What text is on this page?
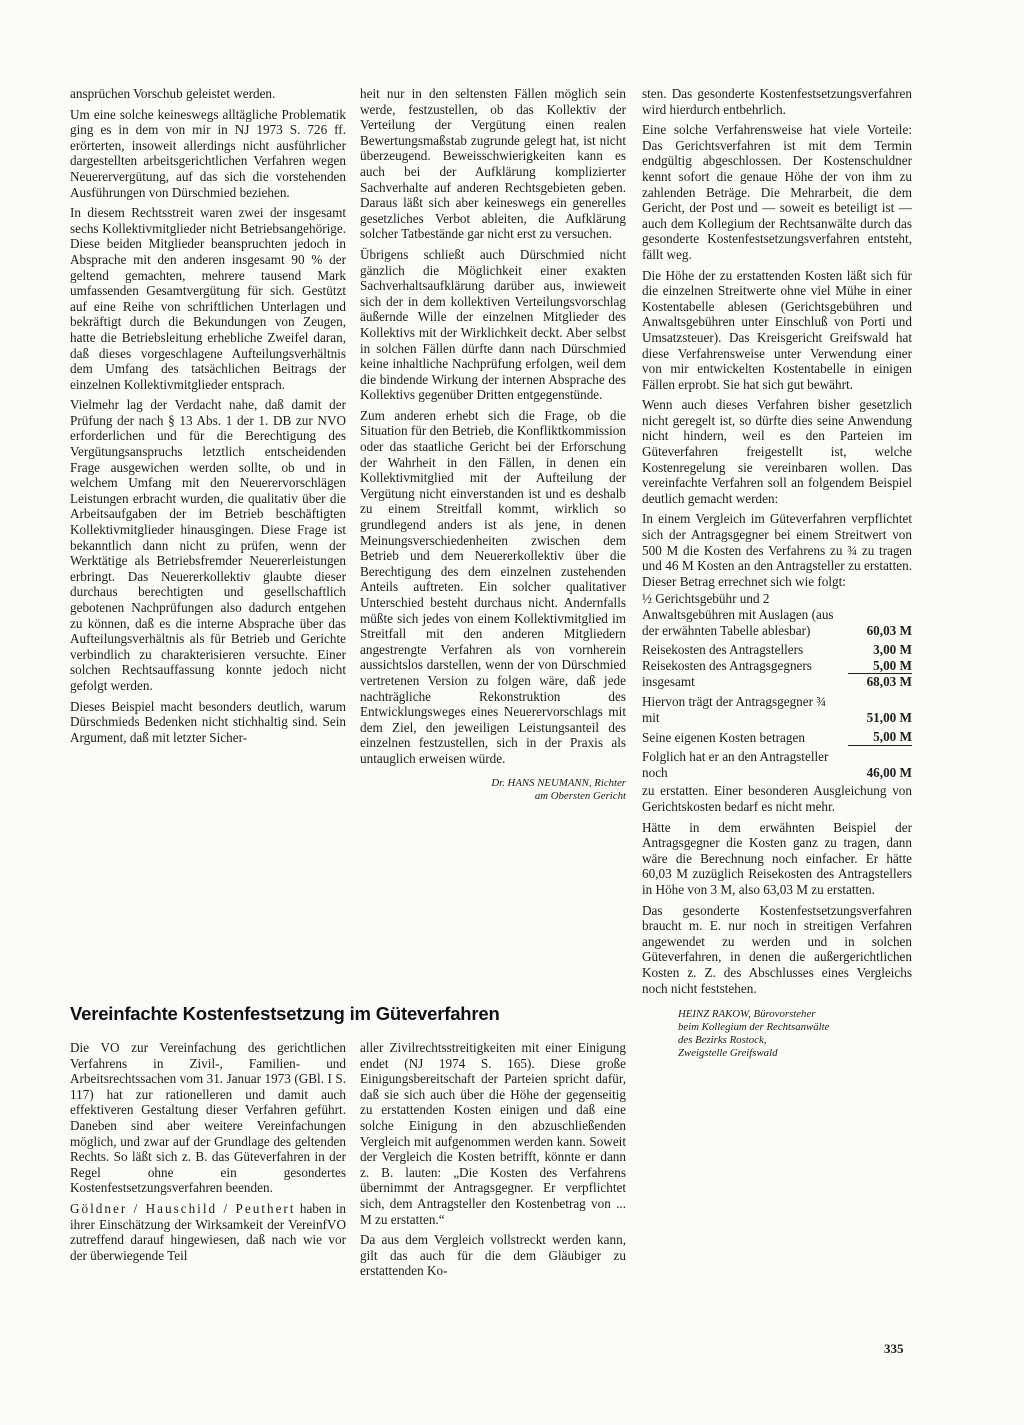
ansprüchen Vorschub geleistet werden.

Um eine solche keineswegs alltägliche Problematik ging es in dem von mir in NJ 1973 S. 726 ff. erörterten, insoweit allerdings nicht ausführlicher dargestellten arbeitsgerichtlichen Verfahren wegen Neuerervergütung, auf das sich die vorstehenden Ausführungen von Dürschmied beziehen.

In diesem Rechtsstreit waren zwei der insgesamt sechs Kollektivmitglieder nicht Betriebsangehörige. Diese beiden Mitglieder beanspruchten jedoch in Absprache mit den anderen insgesamt 90 % der geltend gemachten, mehrere tausend Mark umfassenden Gesamtvergütung für sich. Gestützt auf eine Reihe von schriftlichen Unterlagen und bekräftigt durch die Bekundungen von Zeugen, hatte die Betriebsleitung erhebliche Zweifel daran, daß dieses vorgeschlagene Aufteilungsverhältnis dem Umfang des tatsächlichen Beitrags der einzelnen Kollektivmitglieder entsprach.

Vielmehr lag der Verdacht nahe, daß damit der Prüfung der nach § 13 Abs. 1 der 1. DB zur NVO erforderlichen und für die Berechtigung des Vergütungsanspruchs letztlich entscheidenden Frage ausgewichen werden sollte, ob und in welchem Umfang mit den Neuerervorschlägen Leistungen erbracht wurden, die qualitativ über die Arbeitsaufgaben der im Betrieb beschäftigten Kollektivmitglieder hinausgingen. Diese Frage ist bekanntlich dann nicht zu prüfen, wenn der Werktätige als Betriebsfremder Neuererleistungen erbringt. Das Neuererkollektiv glaubte dieser durchaus berechtigten und gesellschaftlich gebotenen Nachprüfungen also dadurch entgehen zu können, daß es die interne Absprache über das Aufteilungsverhältnis als für Betrieb und Gerichte verbindlich zu charakterisieren versuchte. Einer solchen Rechtsauffassung konnte jedoch nicht gefolgt werden.

Dieses Beispiel macht besonders deutlich, warum Dürschmieds Bedenken nicht stichhaltig sind. Sein Argument, daß mit letzter Sicher-

heit nur in den seltensten Fällen möglich sein werde, festzustellen, ob das Kollektiv der Verteilung der Vergütung einen realen Bewertungsmaßstab zugrunde gelegt hat, ist nicht überzeugend. Beweisschwierigkeiten kann es auch bei der Aufklärung komplizierter Sachverhalte auf anderen Rechtsgebieten geben. Daraus läßt sich aber keineswegs ein generelles gesetzliches Verbot ableiten, die Aufklärung solcher Tatbestände gar nicht erst zu versuchen.

Übrigens schließt auch Dürschmied nicht gänzlich die Möglichkeit einer exakten Sachverhaltsaufklärung darüber aus, inwieweit sich der in dem kollektiven Verteilungsvorschlag äußernde Wille der einzelnen Mitglieder des Kollektivs mit der Wirklichkeit deckt. Aber selbst in solchen Fällen dürfte dann nach Dürschmied keine inhaltliche Nachprüfung erfolgen, weil dem die bindende Wirkung der internen Absprache des Kollektivs gegenüber Dritten entgegenstünde.

Zum anderen erhebt sich die Frage, ob die Situation für den Betrieb, die Konfliktkommission oder das staatliche Gericht bei der Erforschung der Wahrheit in den Fällen, in denen ein Kollektivmitglied mit der Aufteilung der Vergütung nicht einverstanden ist und es deshalb zu einem Streitfall kommt, wirklich so grundlegend anders ist als jene, in denen Meinungsverschiedenheiten zwischen dem Betrieb und dem Neuererkollektiv über die Berechtigung des dem einzelnen zustehenden Anteils auftreten. Ein solcher qualitativer Unterschied besteht durchaus nicht. Andernfalls müßte sich jedes von einem Kollektivmitglied im Streitfall mit den anderen Mitgliedern angestrengte Verfahren als von vornherein aussichtslos darstellen, wenn der von Dürschmied vertretenen Version zu folgen wäre, daß jede nachträgliche Rekonstruktion des Entwicklungsweges eines Neuerervorschlags mit dem Ziel, den jeweiligen Leistungsanteil des einzelnen festzustellen, sich in der Praxis als untauglich erweisen würde.

Dr. HANS NEUMANN, Richter
am Obersten Gericht

sten. Das gesonderte Kostenfestsetzungsverfahren wird hierdurch entbehrlich.

Eine solche Verfahrensweise hat viele Vorteile: Das Gerichtsverfahren ist mit dem Termin endgültig abgeschlossen. Der Kostenschuldner kennt sofort die genaue Höhe der von ihm zu zahlenden Beträge. Die Mehrarbeit, die dem Gericht, der Post und — soweit es beteiligt ist — auch dem Kollegium der Rechtsanwälte durch das gesonderte Kostenfestsetzungsverfahren entsteht, fällt weg.

Die Höhe der zu erstattenden Kosten läßt sich für die einzelnen Streitwerte ohne viel Mühe in einer Kostentabelle ablesen (Gerichtsgebühren und Anwaltsgebühren unter Einschluß von Porti und Umsatzsteuer). Das Kreisgericht Greifswald hat diese Verfahrensweise unter Verwendung einer von mir entwickelten Kostentabelle in einigen Fällen erprobt. Sie hat sich gut bewährt.

Wenn auch dieses Verfahren bisher gesetzlich nicht geregelt ist, so dürfte dies seine Anwendung nicht hindern, weil es den Parteien im Güteverfahren freigestellt ist, welche Kostenregelung sie vereinbaren wollen. Das vereinfachte Verfahren soll an folgendem Beispiel deutlich gemacht werden:

In einem Vergleich im Güteverfahren verpflichtet sich der Antragsgegner bei einem Streitwert von 500 M die Kosten des Verfahrens zu ¾ zu tragen und 46 M Kosten an den Antragsteller zu erstatten. Dieser Betrag errechnet sich wie folgt:

½ Gerichtsgebühr und 2 Anwaltsgebühren mit Auslagen (aus der erwähnten Tabelle ablesbar)	60,03 M
Reisekosten des Antragstellers	3,00 M
Reisekosten des Antragsgegners	5,00 M
insgesamt	68,03 M
Hiervon trägt der Antragsgegner ¾ mit	51,00 M
Seine eigenen Kosten betragen	5,00 M
Folglich hat er an den Antragsteller noch	46,00 M

zu erstatten. Einer besonderen Ausgleichung von Gerichtskosten bedarf es nicht mehr.

Hätte in dem erwähnten Beispiel der Antragsgegner die Kosten ganz zu tragen, dann wäre die Berechnung noch einfacher. Er hätte 60,03 M zuzüglich Reisekosten des Antragstellers in Höhe von 3 M, also 63,03 M zu erstatten.

Das gesonderte Kostenfestsetzungsverfahren braucht m. E. nur noch in streitigen Verfahren angewendet zu werden und in solchen Güteverfahren, in denen die außergerichtlichen Kosten z. Z. des Abschlusses eines Vergleichs noch nicht feststehen.

HEINZ RAKOW, Bürovorsteher
beim Kollegium der Rechtsanwälte
des Bezirks Rostock,
Zweigstelle Greifswald
Vereinfachte Kostenfestsetzung im Güteverfahren

Die VO zur Vereinfachung des gerichtlichen Verfahrens in Zivil-, Familien- und Arbeitsrechtssachen vom 31. Januar 1973 (GBl. I S. 117) hat zur rationelleren und damit auch effektiveren Gestaltung dieser Verfahren geführt. Daneben sind aber weitere Vereinfachungen möglich, und zwar auf der Grundlage des geltenden Rechts. So läßt sich z. B. das Güteverfahren in der Regel ohne ein gesondertes Kostenfestsetzungsverfahren beenden.

Göldner / Hauschild / Peuthert haben in ihrer Einschätzung der Wirksamkeit der VereinfVO zutreffend darauf hingewiesen, daß nach wie vor der überwiegende Teil

aller Zivilrechtsstreitigkeiten mit einer Einigung endet (NJ 1974 S. 165). Diese große Einigungsbereitschaft der Parteien spricht dafür, daß sie sich auch über die Höhe der gegenseitig zu erstattenden Kosten einigen und daß eine solche Einigung in den abzuschließenden Vergleich mit aufgenommen werden kann. Soweit der Vergleich die Kosten betrifft, könnte er dann z. B. lauten: „Die Kosten des Verfahrens übernimmt der Antragsgegner. Er verpflichtet sich, dem Antragsteller den Kostenbetrag von ... M zu erstatten.“

Da aus dem Vergleich vollstreckt werden kann, gilt das auch für die dem Gläubiger zu erstattenden Ko-

335
